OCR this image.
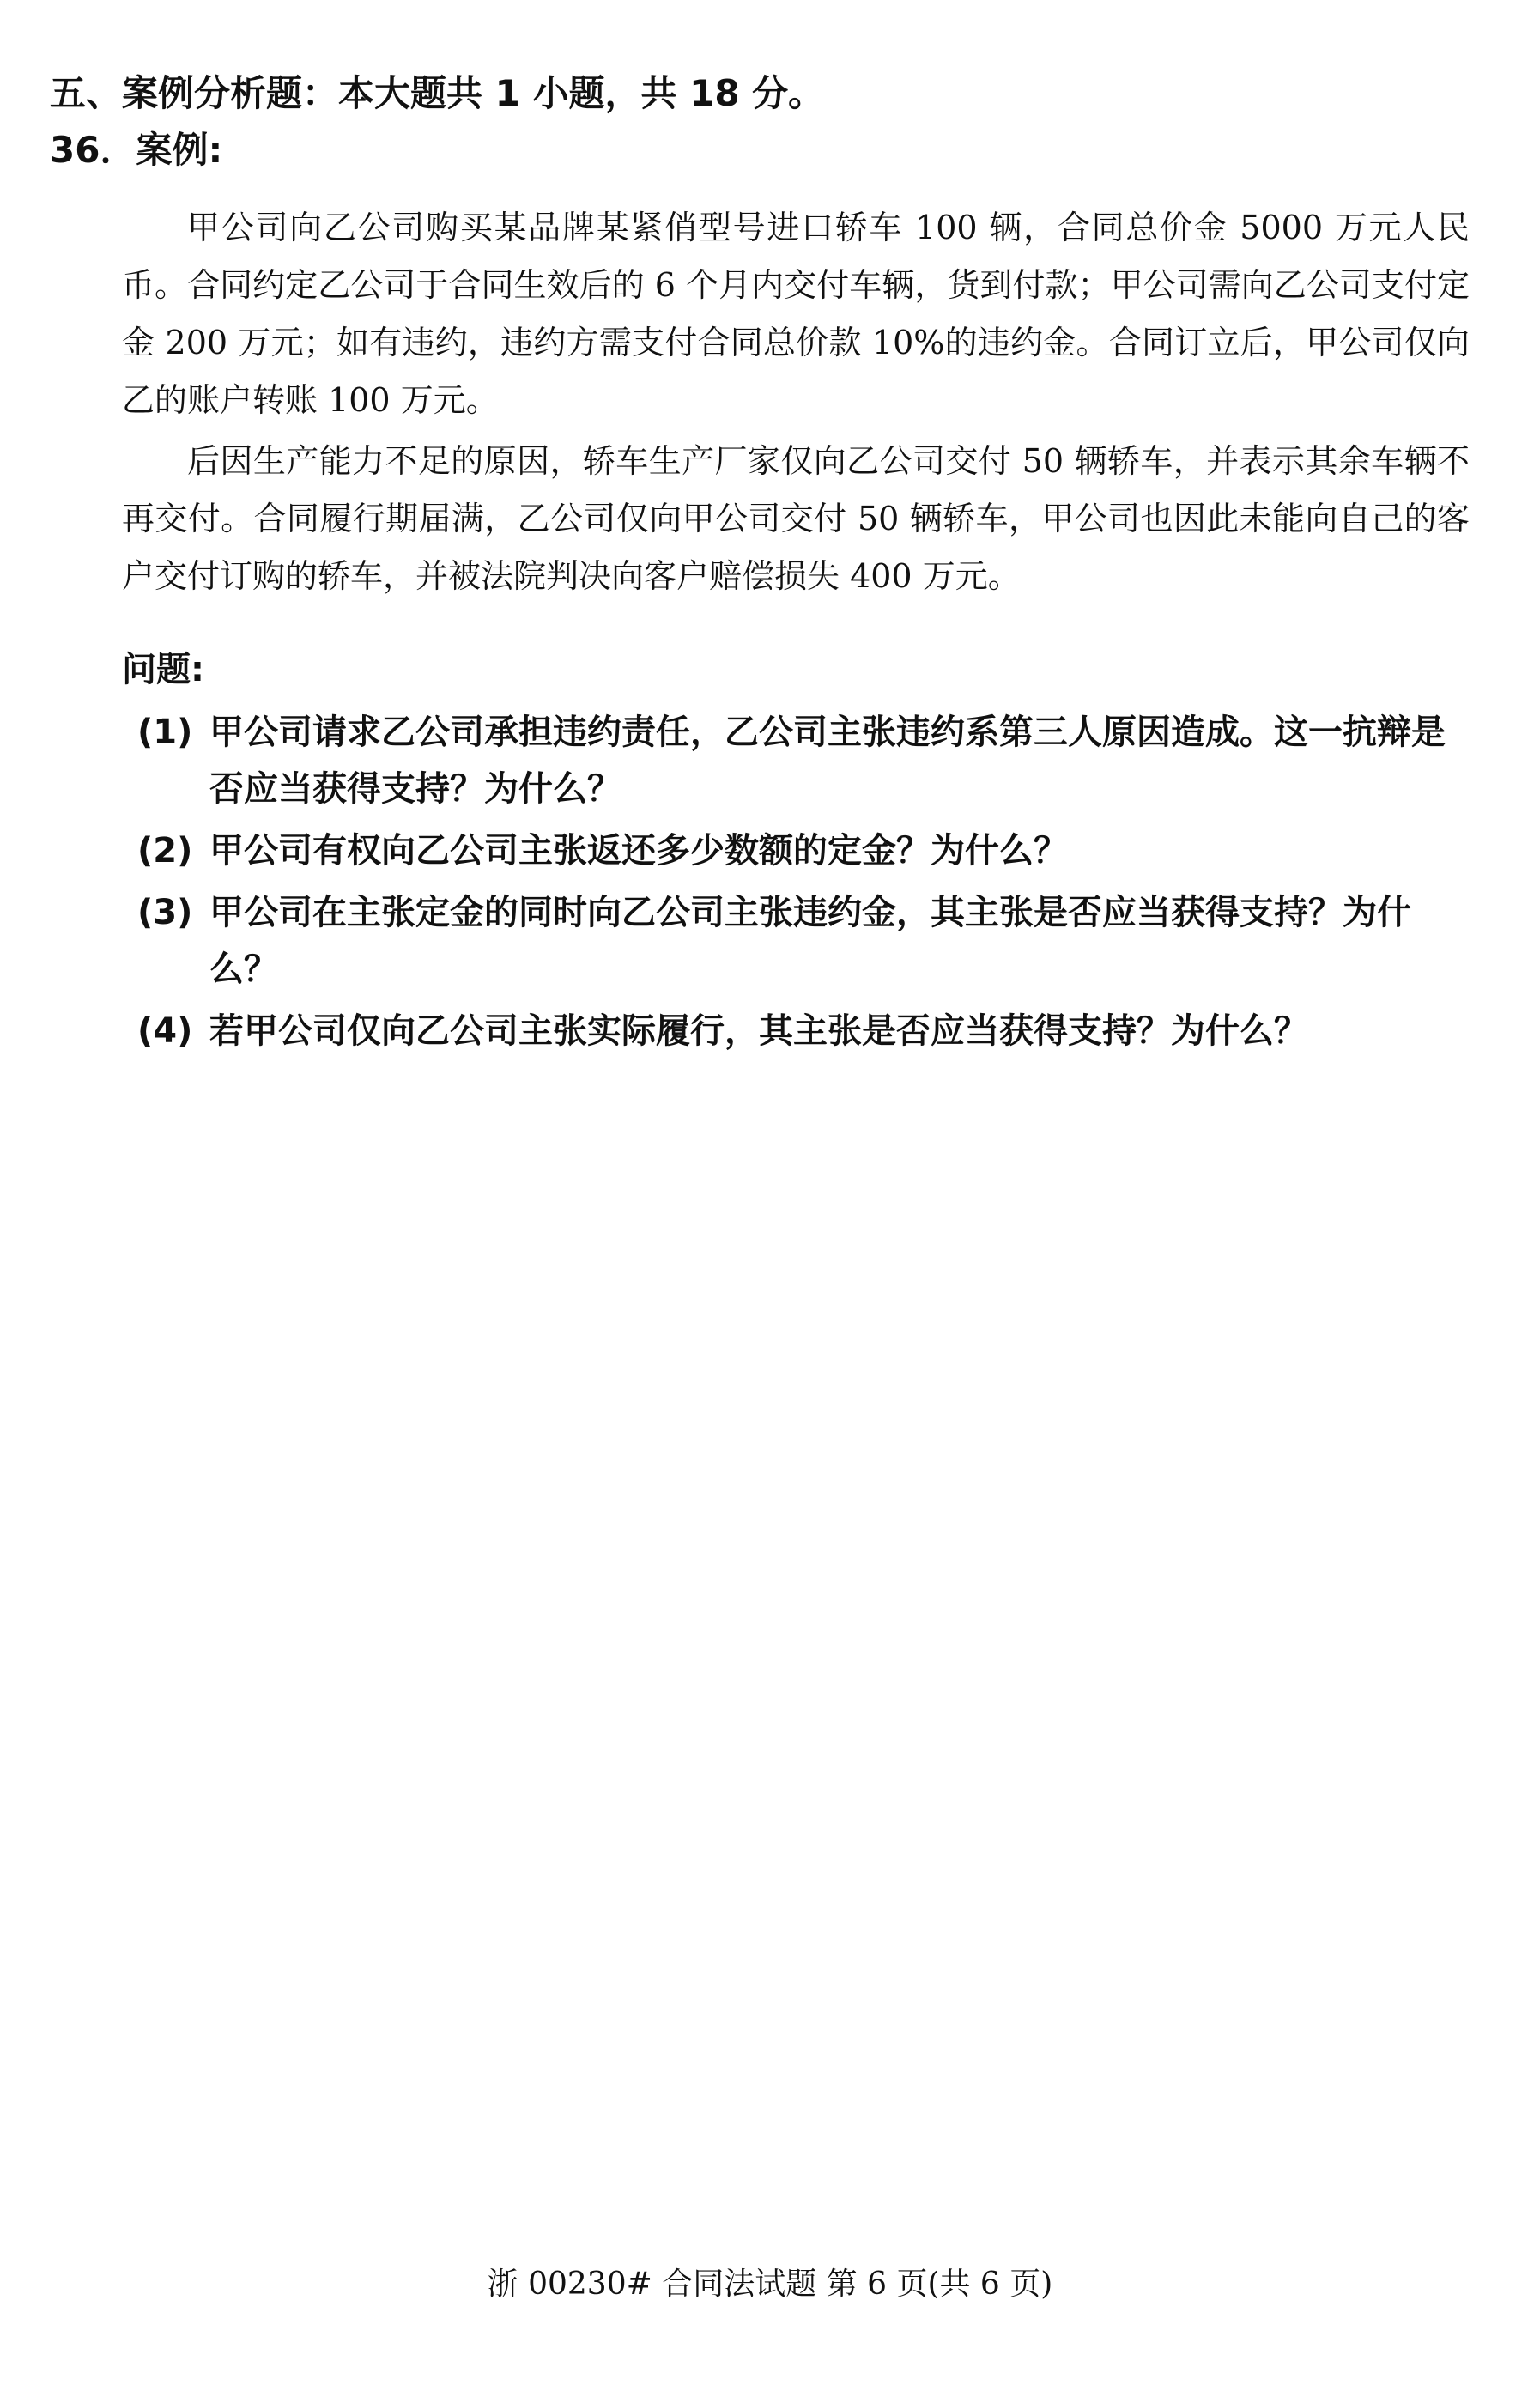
五、案例分析题：本大题共 1 小题，共 18 分。
36．案例:

甲公司向乙公司购买某品牌某紧俏型号进口轿车 100 辆，合同总价金 5000 万元人民币。合同约定乙公司于合同生效后的 6 个月内交付车辆，货到付款；甲公司需向乙公司支付定金 200 万元；如有违约，违约方需支付合同总价款 10%的违约金。合同订立后，甲公司仅向乙的账户转账 100 万元。

后因生产能力不足的原因，轿车生产厂家仅向乙公司交付 50 辆轿车，并表示其余车辆不再交付。合同履行期届满，乙公司仅向甲公司交付 50 辆轿车，甲公司也因此未能向自己的客户交付订购的轿车，并被法院判决向客户赔偿损失 400 万元。

问题:
(1) 甲公司请求乙公司承担违约责任，乙公司主张违约系第三人原因造成。这一抗辩是否应当获得支持？为什么？
(2) 甲公司有权向乙公司主张返还多少数额的定金？为什么？
(3) 甲公司在主张定金的同时向乙公司主张违约金，其主张是否应当获得支持？为什么？
(4) 若甲公司仅向乙公司主张实际履行，其主张是否应当获得支持？为什么？
浙 00230# 合同法试题 第 6 页(共 6 页)
